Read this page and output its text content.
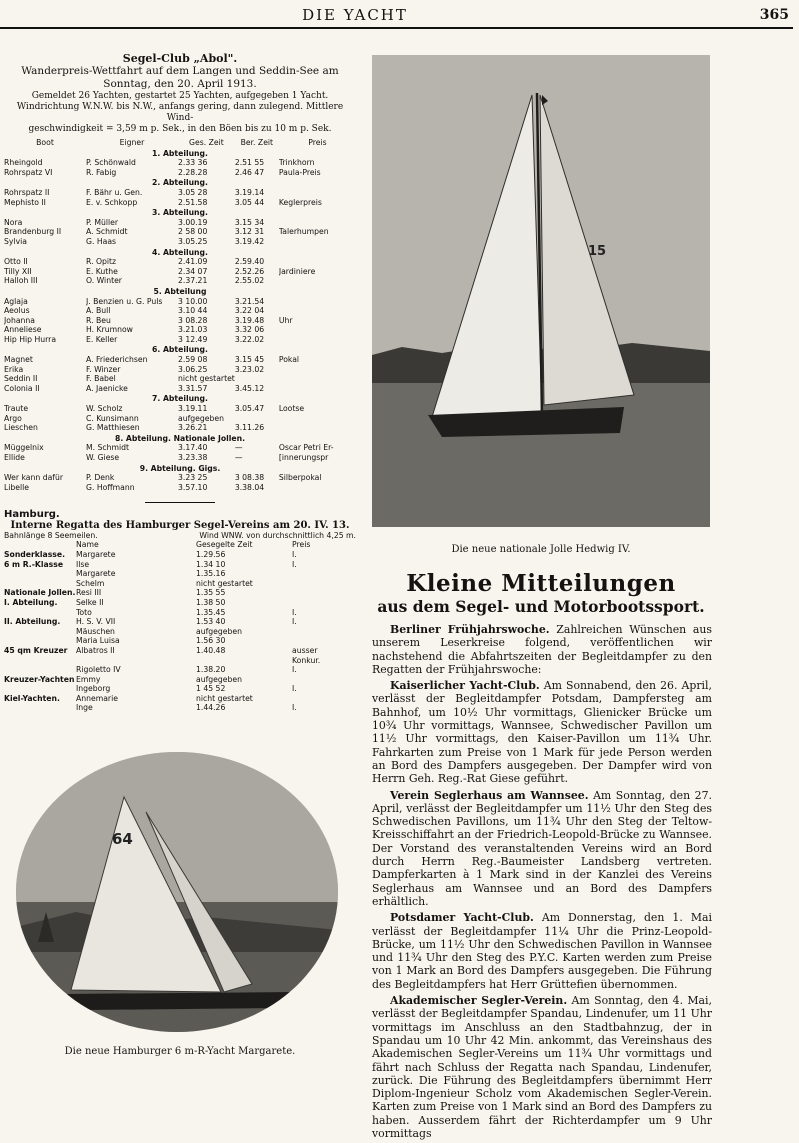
DIE YACHT	365
Segel-Club „Abol".
Wanderpreis-Wettfahrt auf dem Langen und Seddin-See am
Sonntag, den 20. April 1913.
Gemeldet 26 Yachten, gestartet 25 Yachten, aufgegeben 1 Yacht.
Windrichtung W.N.W. bis N.W., anfangs gering, dann zulegend. Mittlere Wind-
geschwindigkeit = 3,59 m p. Sek., in den Böen bis zu 10 m p. Sek.
Boot	Eigner	Ges. Zeit	Ber. Zeit	Preis
1. Abteilung.				
Rheingold	P. Schönwald	2.33 36	2.51 55	Trinkhorn
Rohrspatz VI	R. Fabig	2.28.28	2.46 47	Paula-Preis
2. Abteilung.				
Rohrspatz II	F. Bähr u. Gen.	3.05 28	3.19.14	
Mephisto II	E. v. Schkopp	2.51.58	3.05 44	Keglerpreis
3. Abteilung.				
Nora	P. Müller	3.00.19	3.15 34	
Brandenburg II	A. Schmidt	2 58 00	3.12 31	Talerhumpen
Sylvia	G. Haas	3.05.25	3.19.42	
4. Abteilung.				
Otto II	R. Opitz	2.41.09	2.59.40	
Tilly XII	E. Kuthe	2.34 07	2.52.26	Jardiniere
Halloh III	O. Winter	2.37.21	2.55.02	
5. Abteilung				
Aglaja	J. Benzien u. G. Puls	3 10.00	3.21.54	
Aeolus	A. Bull	3.10 44	3.22 04	
Johanna	R. Beu	3 08.28	3.19.48	Uhr
Anneliese	H. Krumnow	3.21.03	3.32 06	
Hip Hip Hurra	E. Keller	3 12.49	3.22.02	
6. Abteilung.				
Magnet	A. Friederichsen	2.59 08	3.15 45	Pokal
Erika	F. Winzer	3.06.25	3.23.02	
Seddin II	F. Babel	nicht gestartet		
Colonia II	A. Jaenicke	3.31.57	3.45.12	
7. Abteilung.				
Traute	W. Scholz	3.19.11	3.05.47	Lootse
Argo	C. Kunsimann	aufgegeben		
Lieschen	G. Matthiesen	3.26.21	3.11.26	
8. Abteilung. Nationale Jollen.				
Müggelnix	M. Schmidt	3.17.40	—	Oscar Petri Er-
Ellide	W. Giese	3.23.38	—	[innerungspr
9. Abteilung. Gigs.				
Wer kann dafür	P. Denk	3.23 25	3 08.38	Silberpokal
Libelle	G. Hoffmann	3.57.10	3.38.04	
Hamburg.
Interne Regatta des Hamburger Segel-Vereins am 20. IV. 13.
Bahnlänge 8 Seemeilen.	Wind WNW. von durchschnittlich 4,25 m.
	Name	Gesegelte Zeit	Preis
Sonderklasse.	Margarete	1.29.56	I.
6 m R.-Klasse	Ilse	1.34 10	I.
	Margarete	1.35.16	
	Schelm	nicht gestartet	
Nationale Jollen.	Resi III	1.35 55	
I. Abteilung.	Selke II	1.38 50	
	Toto	1.35.45	I.
II. Abteilung.	H. S. V. VII	1.53 40	I.
	Mäuschen	aufgegeben	
	Maria Luisa	1.56 30	
45 qm Kreuzer	Albatros II	1.40.48	ausser
			Konkur.
	Rigoletto IV	1.38.20	I.
Kreuzer-Yachten	Emmy	aufgegeben	
	Ingeborg	1 45 52	I.
Kiel-Yachten.	Annemarie	nicht gestartet	
	Inge	1.44.26	I.
64
Die neue Hamburger 6 m-R-Yacht Margarete.
15
Die neue nationale Jolle Hedwig IV.
Kleine Mitteilungen
aus dem Segel- und Motorbootssport.

Berliner Frühjahrswoche. Zahlreichen Wünschen aus unserem Leserkreise folgend, veröffentlichen wir nachstehend die Abfahrtszeiten der Begleitdampfer zu den Regatten der Frühjahrswoche:

Kaiserlicher Yacht-Club. Am Sonnabend, den 26. April, verlässt der Begleitdampfer Potsdam, Dampfersteg am Bahnhof, um 10½ Uhr vormittags, Glienicker Brücke um 10¾ Uhr vormittags, Wannsee, Schwedischer Pavillon um 11½ Uhr vormittags, den Kaiser-Pavillon um 11¾ Uhr. Fahrkarten zum Preise von 1 Mark für jede Person werden an Bord des Dampfers ausgegeben. Der Dampfer wird von Herrn Geh. Reg.-Rat Giese geführt.

Verein Seglerhaus am Wannsee. Am Sonntag, den 27. April, verlässt der Begleitdampfer um 11½ Uhr den Steg des Schwedischen Pavillons, um 11¾ Uhr den Steg der Teltow-Kreisschiffahrt an der Friedrich-Leopold-Brücke zu Wannsee. Der Vorstand des veranstaltenden Vereins wird an Bord durch Herrn Reg.-Baumeister Landsberg vertreten. Dampferkarten à 1 Mark sind in der Kanzlei des Vereins Seglerhaus am Wannsee und an Bord des Dampfers erhältlich.

Potsdamer Yacht-Club. Am Donnerstag, den 1. Mai verlässt der Begleitdampfer 11¼ Uhr die Prinz-Leopold-Brücke, um 11½ Uhr den Schwedischen Pavillon in Wannsee und 11¾ Uhr den Steg des P.Y.C. Karten werden zum Preise von 1 Mark an Bord des Dampfers ausgegeben. Die Führung des Begleitdampfers hat Herr Grüttefien übernommen.

Akademischer Segler-Verein. Am Sonntag, den 4. Mai, verlässt der Begleitdampfer Spandau, Lindenufer, um 11 Uhr vormittags im Anschluss an den Stadtbahnzug, der in Spandau um 10 Uhr 42 Min. ankommt, das Vereinshaus des Akademischen Segler-Vereins um 11¾ Uhr vormittags und fährt nach Schluss der Regatta nach Spandau, Lindenufer, zurück. Die Führung des Begleitdampfers übernimmt Herr Diplom-Ingenieur Scholz vom Akademischen Segler-Verein. Karten zum Preise von 1 Mark sind an Bord des Dampfers zu haben. Ausserdem fährt der Richterdampfer um 9 Uhr vormittags
